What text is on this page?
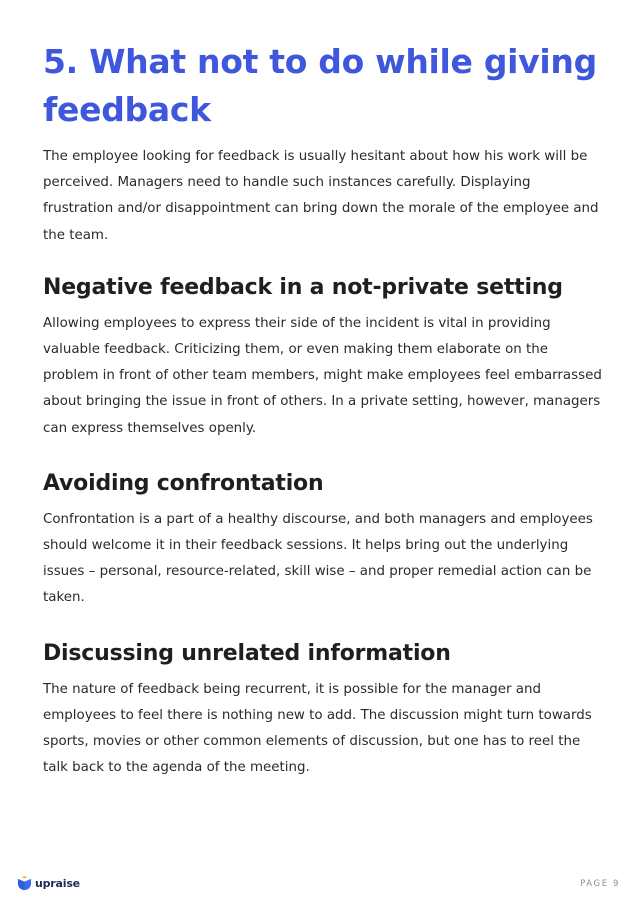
5. What not to do while giving feedback

The employee looking for feedback is usually hesitant about how his work will be perceived. Managers need to handle such instances carefully. Displaying frustration and/or disappointment can bring down the morale of the employee and the team.

Negative feedback in a not-private setting

Allowing employees to express their side of the incident is vital in providing valuable feedback. Criticizing them, or even making them elaborate on the problem in front of other team members, might make employees feel embarrassed about bringing the issue in front of others. In a private setting, however, managers can express themselves openly.

Avoiding confrontation

Confrontation is a part of a healthy discourse, and both managers and employees should welcome it in their feedback sessions. It helps bring out the underlying issues – personal, resource-related, skill wise – and proper remedial action can be taken.

Discussing unrelated information

The nature of feedback being recurrent, it is possible for the manager and employees to feel there is nothing new to add. The discussion might turn towards sports, movies or other common elements of discussion, but one has to reel the talk back to the agenda of the meeting.

upraise	PAGE 9
